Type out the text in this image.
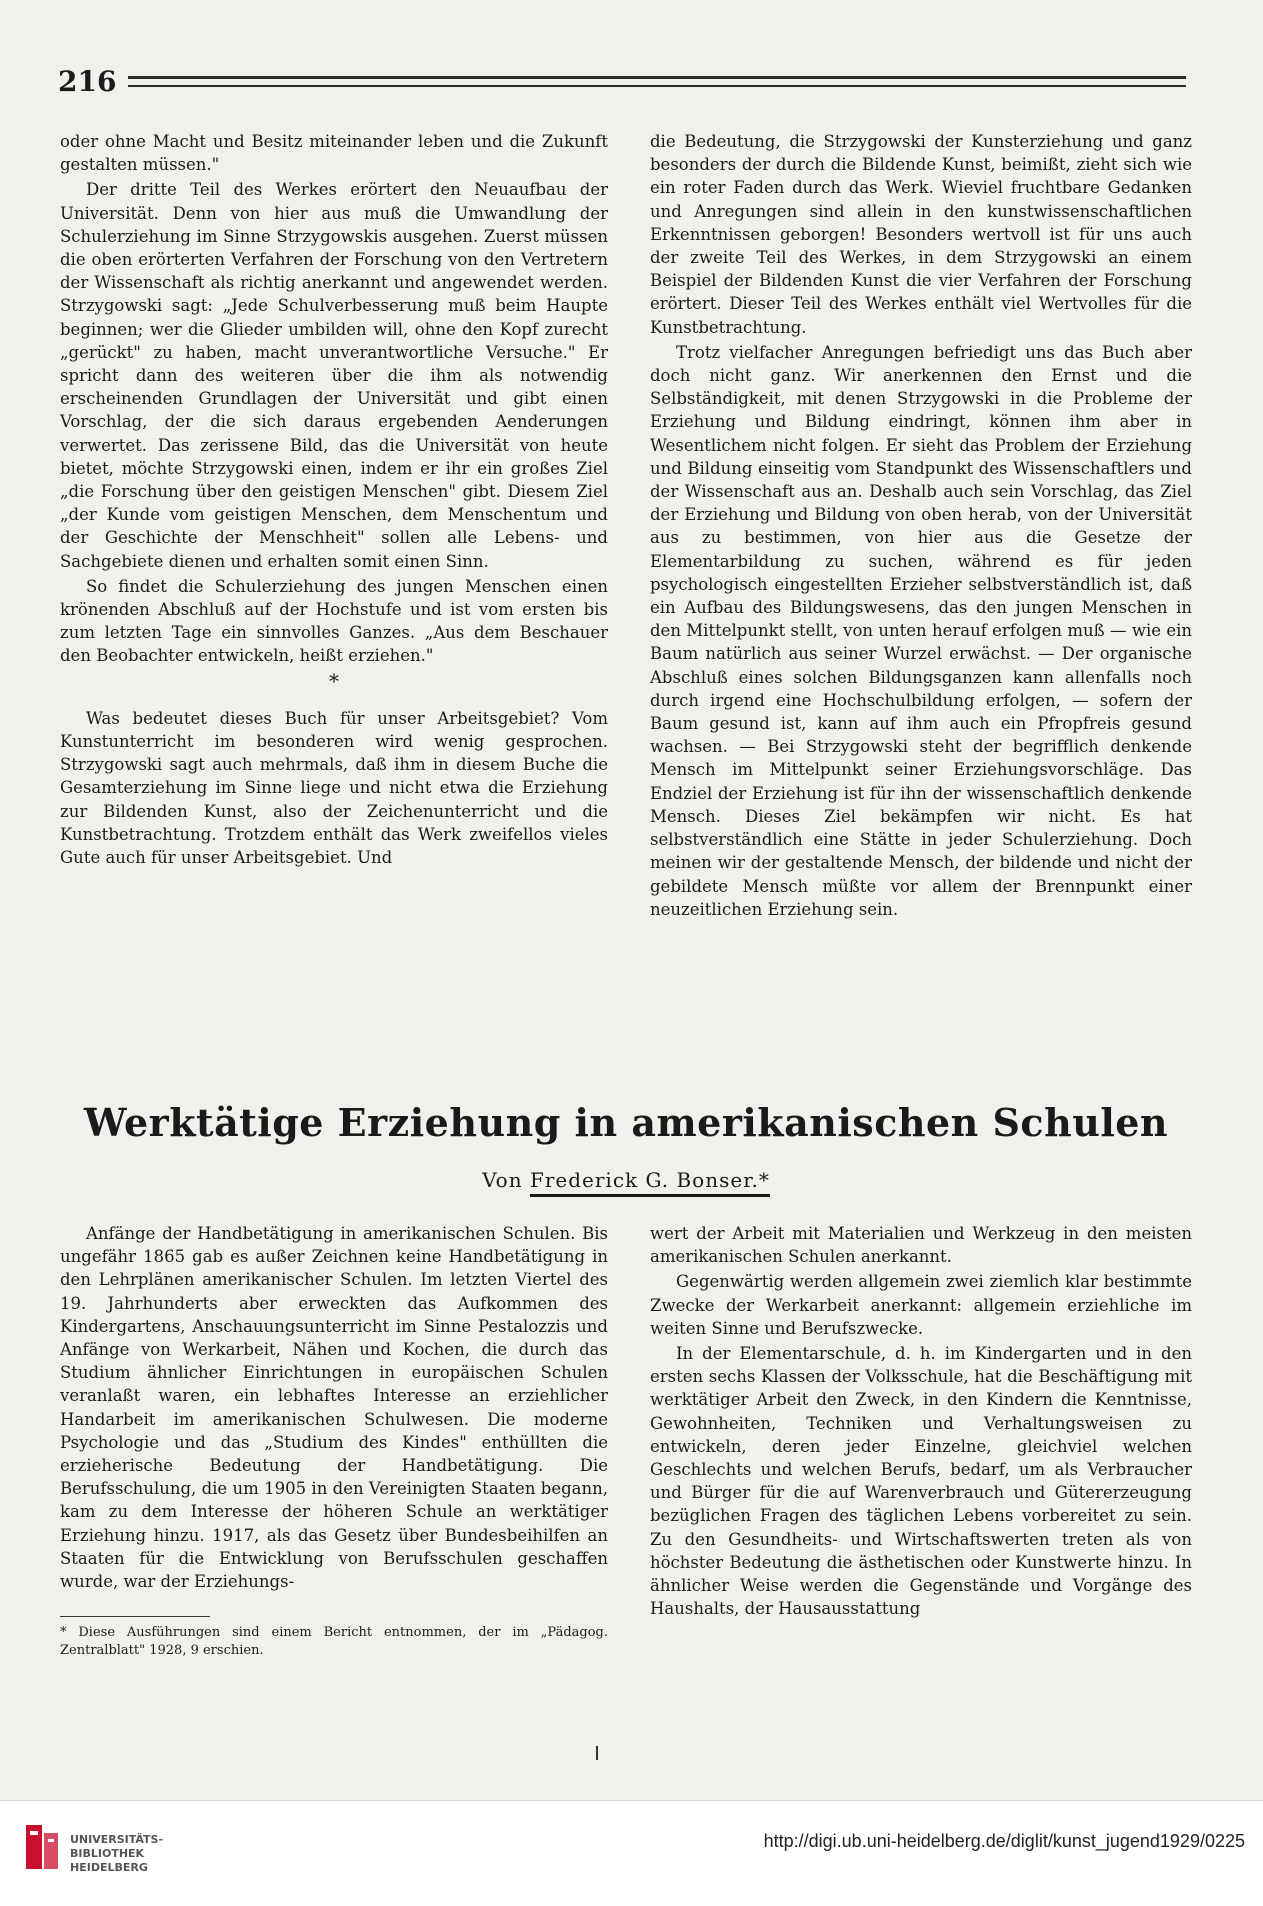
216

oder ohne Macht und Besitz miteinander leben und die Zukunft gestalten müssen."

Der dritte Teil des Werkes erörtert den Neuaufbau der Universität. Denn von hier aus muß die Umwandlung der Schulerziehung im Sinne Strzygowskis ausgehen. Zuerst müssen die oben erörterten Verfahren der Forschung von den Vertretern der Wissenschaft als richtig anerkannt und angewendet werden. Strzygowski sagt: „Jede Schulverbesserung muß beim Haupte beginnen; wer die Glieder umbilden will, ohne den Kopf zurecht „gerückt" zu haben, macht unverantwortliche Versuche." Er spricht dann des weiteren über die ihm als notwendig erscheinenden Grundlagen der Universität und gibt einen Vorschlag, der die sich daraus ergebenden Aenderungen verwertet. Das zerissene Bild, das die Universität von heute bietet, möchte Strzygowski einen, indem er ihr ein großes Ziel „die Forschung über den geistigen Menschen" gibt. Diesem Ziel „der Kunde vom geistigen Menschen, dem Menschentum und der Geschichte der Menschheit" sollen alle Lebens- und Sachgebiete dienen und erhalten somit einen Sinn.

So findet die Schulerziehung des jungen Menschen einen krönenden Abschluß auf der Hochstufe und ist vom ersten bis zum letzten Tage ein sinnvolles Ganzes. „Aus dem Beschauer den Beobachter entwickeln, heißt erziehen."

*

Was bedeutet dieses Buch für unser Arbeitsgebiet? Vom Kunstunterricht im besonderen wird wenig gesprochen. Strzygowski sagt auch mehrmals, daß ihm in diesem Buche die Gesamterziehung im Sinne liege und nicht etwa die Erziehung zur Bildenden Kunst, also der Zeichenunterricht und die Kunstbetrachtung. Trotzdem enthält das Werk zweifellos vieles Gute auch für unser Arbeitsgebiet. Und

die Bedeutung, die Strzygowski der Kunsterziehung und ganz besonders der durch die Bildende Kunst, beimißt, zieht sich wie ein roter Faden durch das Werk. Wieviel fruchtbare Gedanken und Anregungen sind allein in den kunstwissenschaftlichen Erkenntnissen geborgen! Besonders wertvoll ist für uns auch der zweite Teil des Werkes, in dem Strzygowski an einem Beispiel der Bildenden Kunst die vier Verfahren der Forschung erörtert. Dieser Teil des Werkes enthält viel Wertvolles für die Kunstbetrachtung.

Trotz vielfacher Anregungen befriedigt uns das Buch aber doch nicht ganz. Wir anerkennen den Ernst und die Selbständigkeit, mit denen Strzygowski in die Probleme der Erziehung und Bildung eindringt, können ihm aber in Wesentlichem nicht folgen. Er sieht das Problem der Erziehung und Bildung einseitig vom Standpunkt des Wissenschaftlers und der Wissenschaft aus an. Deshalb auch sein Vorschlag, das Ziel der Erziehung und Bildung von oben herab, von der Universität aus zu bestimmen, von hier aus die Gesetze der Elementarbildung zu suchen, während es für jeden psychologisch eingestellten Erzieher selbstverständlich ist, daß ein Aufbau des Bildungswesens, das den jungen Menschen in den Mittelpunkt stellt, von unten herauf erfolgen muß — wie ein Baum natürlich aus seiner Wurzel erwächst. — Der organische Abschluß eines solchen Bildungsganzen kann allenfalls noch durch irgend eine Hochschulbildung erfolgen, — sofern der Baum gesund ist, kann auf ihm auch ein Pfropfreis gesund wachsen. — Bei Strzygowski steht der begrifflich denkende Mensch im Mittelpunkt seiner Erziehungsvorschläge. Das Endziel der Erziehung ist für ihn der wissenschaftlich denkende Mensch. Dieses Ziel bekämpfen wir nicht. Es hat selbstverständlich eine Stätte in jeder Schulerziehung. Doch meinen wir der gestaltende Mensch, der bildende und nicht der gebildete Mensch müßte vor allem der Brennpunkt einer neuzeitlichen Erziehung sein.

Werktätige Erziehung in amerikanischen Schulen
Von Frederick G. Bonser.*

Anfänge der Handbetätigung in amerikanischen Schulen. Bis ungefähr 1865 gab es außer Zeichnen keine Handbetätigung in den Lehrplänen amerikanischer Schulen. Im letzten Viertel des 19. Jahrhunderts aber erweckten das Aufkommen des Kindergartens, Anschauungsunterricht im Sinne Pestalozzis und Anfänge von Werkarbeit, Nähen und Kochen, die durch das Studium ähnlicher Einrichtungen in europäischen Schulen veranlaßt waren, ein lebhaftes Interesse an erziehlicher Handarbeit im amerikanischen Schulwesen. Die moderne Psychologie und das „Studium des Kindes" enthüllten die erzieherische Bedeutung der Handbetätigung. Die Berufsschulung, die um 1905 in den Vereinigten Staaten begann, kam zu dem Interesse der höheren Schule an werktätiger Erziehung hinzu. 1917, als das Gesetz über Bundesbeihilfen an Staaten für die Entwicklung von Berufsschulen geschaffen wurde, war der Erziehungs-

* Diese Ausführungen sind einem Bericht entnommen, der im „Pädagog. Zentralblatt" 1928, 9 erschien.

wert der Arbeit mit Materialien und Werkzeug in den meisten amerikanischen Schulen anerkannt.

Gegenwärtig werden allgemein zwei ziemlich klar bestimmte Zwecke der Werkarbeit anerkannt: allgemein erziehliche im weiten Sinne und Berufszwecke.

In der Elementarschule, d. h. im Kindergarten und in den ersten sechs Klassen der Volksschule, hat die Beschäftigung mit werktätiger Arbeit den Zweck, in den Kindern die Kenntnisse, Gewohnheiten, Techniken und Verhaltungsweisen zu entwickeln, deren jeder Einzelne, gleichviel welchen Geschlechts und welchen Berufs, bedarf, um als Verbraucher und Bürger für die auf Warenverbrauch und Gütererzeugung bezüglichen Fragen des täglichen Lebens vorbereitet zu sein. Zu den Gesundheits- und Wirtschaftswerten treten als von höchster Bedeutung die ästhetischen oder Kunstwerte hinzu. In ähnlicher Weise werden die Gegenstände und Vorgänge des Haushalts, der Hausausstattung

UNIVERSITÄTS-
BIBLIOTHEK
HEIDELBERG
http://digi.ub.uni-heidelberg.de/diglit/kunst_jugend1929/0225
